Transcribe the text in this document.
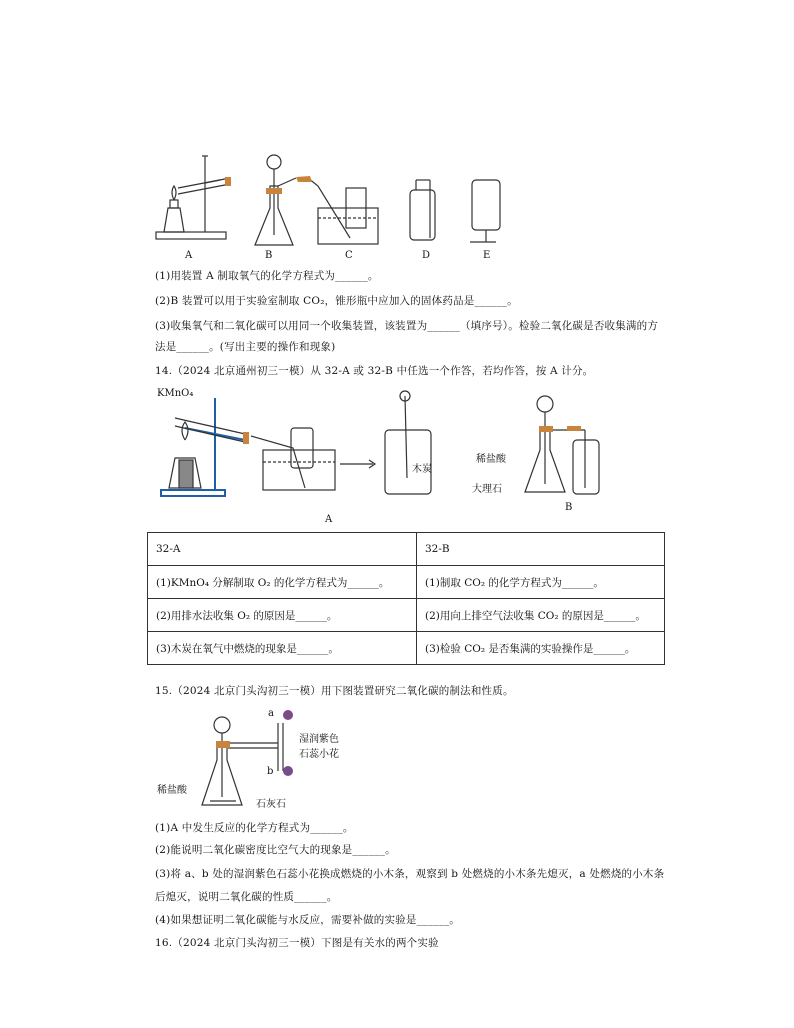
A	B	C	D	E
(1)用装置 A 制取氧气的化学方程式为______。
(2)B 装置可以用于实验室制取 CO₂，锥形瓶中应加入的固体药品是______。
(3)收集氧气和二氧化碳可以用同一个收集装置，该装置为______（填序号）。检验二氧化碳是否收集满的方
法是______。(写出主要的操作和现象)
14.（2024 北京通州初三一模）从 32-A 或 32-B 中任选一个作答，若均作答，按 A 计分。
KMnO₄
木炭
稀盐酸
大理石
A
B
32-A	32-B
(1)KMnO₄ 分解制取 O₂ 的化学方程式为______。	(1)制取 CO₂ 的化学方程式为______。
(2)用排水法收集 O₂ 的原因是______。	(2)用向上排空气法收集 CO₂ 的原因是______。
(3)木炭在氧气中燃烧的现象是______。	(3)检验 CO₂ 是否集满的实验操作是______。
15.（2024 北京门头沟初三一模）用下图装置研究二氧化碳的制法和性质。
a
b
湿润紫色
石蕊小花
稀盐酸
石灰石
(1)A 中发生反应的化学方程式为______。
(2)能说明二氧化碳密度比空气大的现象是______。
(3)将 a、b 处的湿润紫色石蕊小花换成燃烧的小木条，观察到 b 处燃烧的小木条先熄灭，a 处燃烧的小木条
后熄灭，说明二氧化碳的性质______。
(4)如果想证明二氧化碳能与水反应，需要补做的实验是______。
16.（2024 北京门头沟初三一模）下图是有关水的两个实验
